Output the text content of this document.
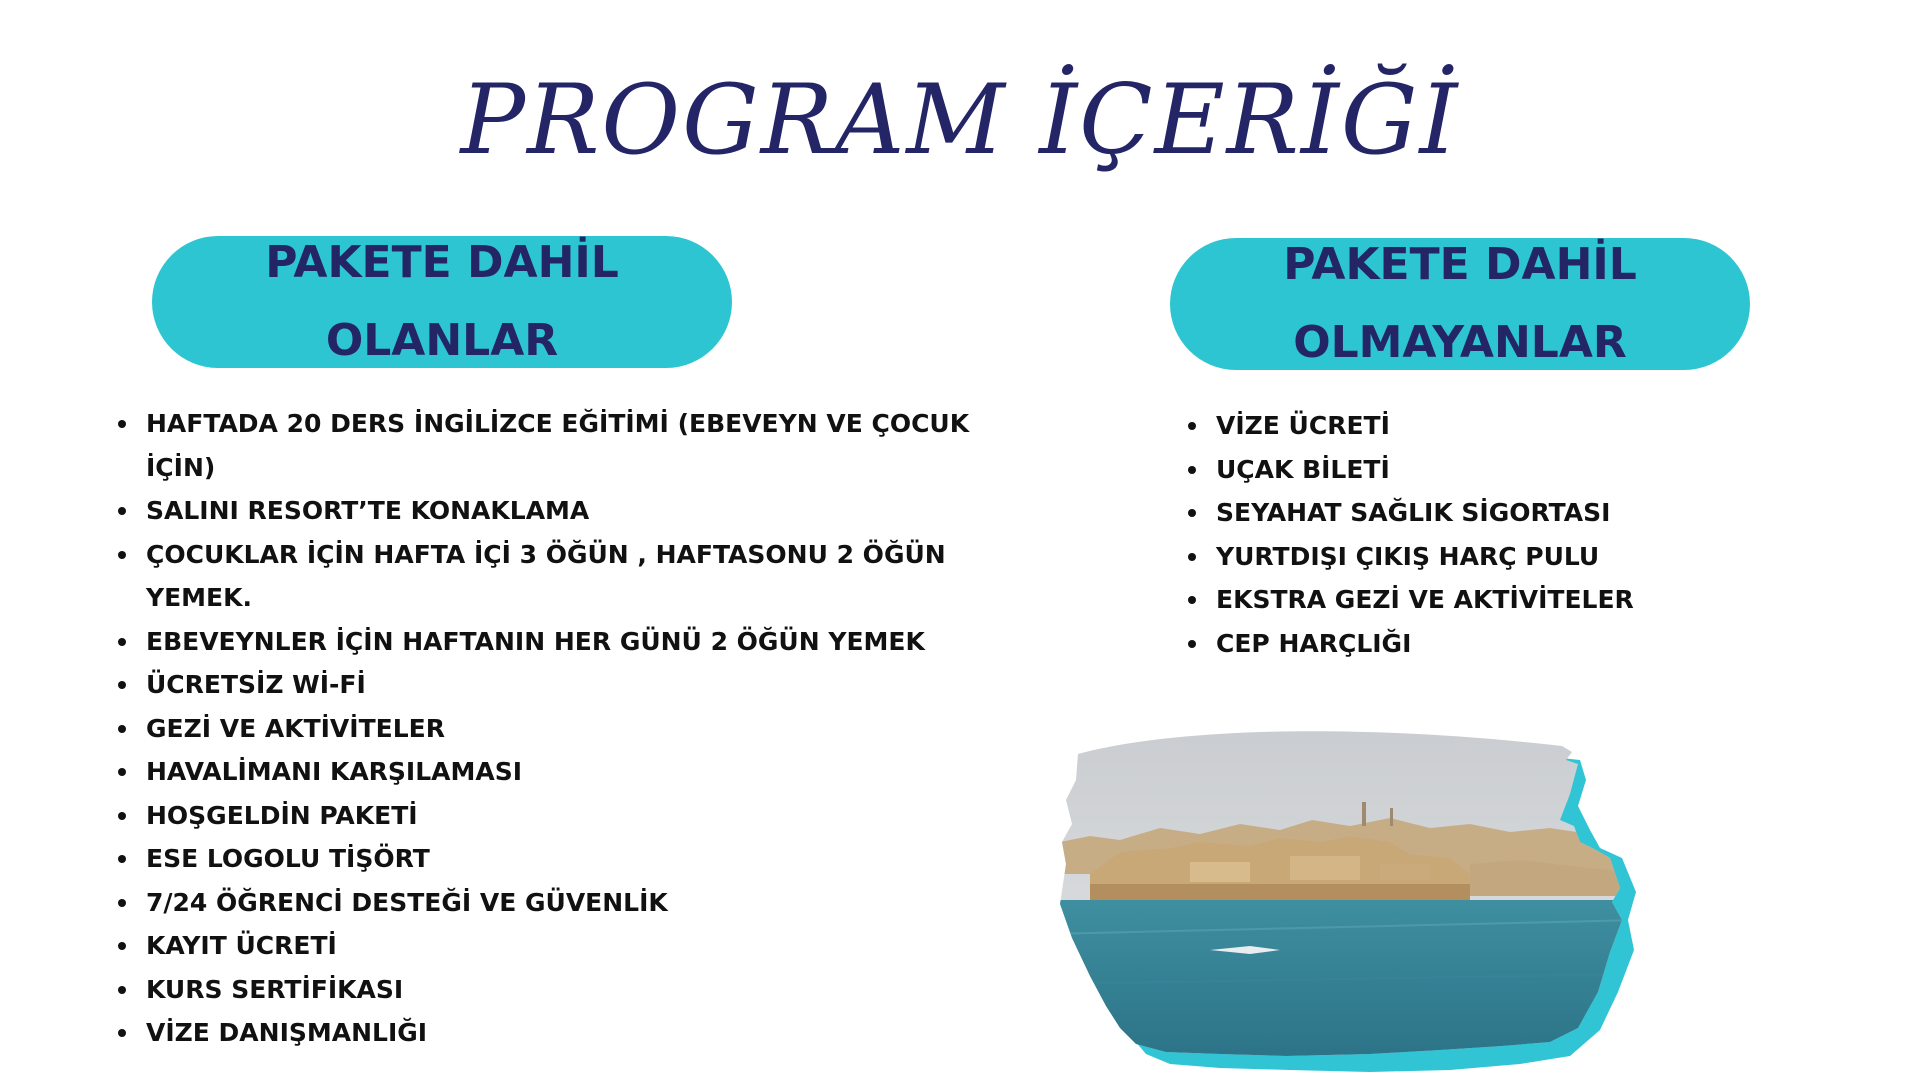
PROGRAM İÇERİĞİ
PAKETE DAHİL
OLANLAR
PAKETE DAHİL
OLMAYANLAR
HAFTADA 20 DERS İNGİLİZCE EĞİTİMİ (EBEVEYN VE ÇOCUK İÇİN)
SALINI RESORT’TE KONAKLAMA
ÇOCUKLAR İÇİN HAFTA İÇİ 3 ÖĞÜN , HAFTASONU 2 ÖĞÜN YEMEK.
EBEVEYNLER İÇİN HAFTANIN HER GÜNÜ 2 ÖĞÜN YEMEK
ÜCRETSİZ Wİ-Fİ
GEZİ VE AKTİVİTELER
HAVALİMANI KARŞILAMASI
HOŞGELDİN PAKETİ
ESE LOGOLU TİŞÖRT
7/24 ÖĞRENCİ DESTEĞİ VE GÜVENLİK
KAYIT ÜCRETİ
KURS SERTİFİKASI
VİZE DANIŞMANLIĞI
VİZE ÜCRETİ
UÇAK BİLETİ
SEYAHAT SAĞLIK SİGORTASI
YURTDIŞI ÇIKIŞ HARÇ PULU
EKSTRA GEZİ VE AKTİVİTELER
CEP HARÇLIĞI
